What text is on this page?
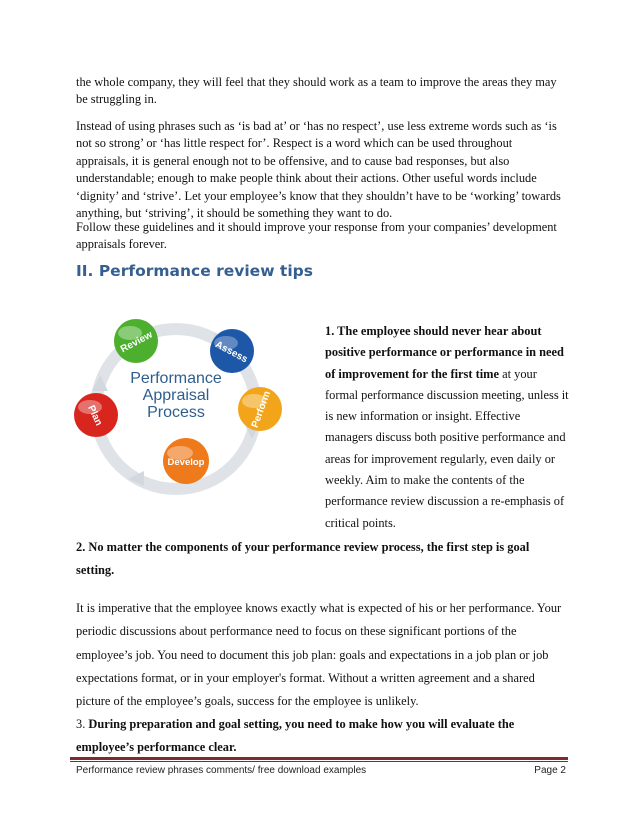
the whole company, they will feel that they should work as a team to improve the areas they may be struggling in.

Instead of using phrases such as ‘is bad at’ or ‘has no respect’, use less extreme words such as ‘is not so strong’ or ‘has little respect for’. Respect is a word which can be used throughout appraisals, it is general enough not to be offensive, and to cause bad responses, but also understandable; enough to make people think about their actions. Other useful words include ‘dignity’ and ‘strive’. Let your employee’s know that they shouldn’t have to be ‘working’ towards anything, but ‘striving’, it should be something they want to do.

Follow these guidelines and it should improve your response from your companies’ development appraisals forever.

II. Performance review tips
Review	Assess
Perform
Develop
Plan
Performance
Appraisal
Process

1. The employee should never hear about positive performance or performance in need of improvement for the first time at your formal performance discussion meeting, unless it is new information or insight. Effective managers discuss both positive performance and areas for improvement regularly, even daily or weekly. Aim to make the contents of the performance review discussion a re-emphasis of critical points.

2. No matter the components of your performance review process, the first step is goal setting.

It is imperative that the employee knows exactly what is expected of his or her performance. Your periodic discussions about performance need to focus on these significant portions of the employee’s job. You need to document this job plan: goals and expectations in a job plan or job expectations format, or in your employer's format. Without a written agreement and a shared picture of the employee’s goals, success for the employee is unlikely.

3. During preparation and goal setting, you need to make how you will evaluate the employee’s performance clear.

Performance review phrases comments/ free download examples	Page 2
